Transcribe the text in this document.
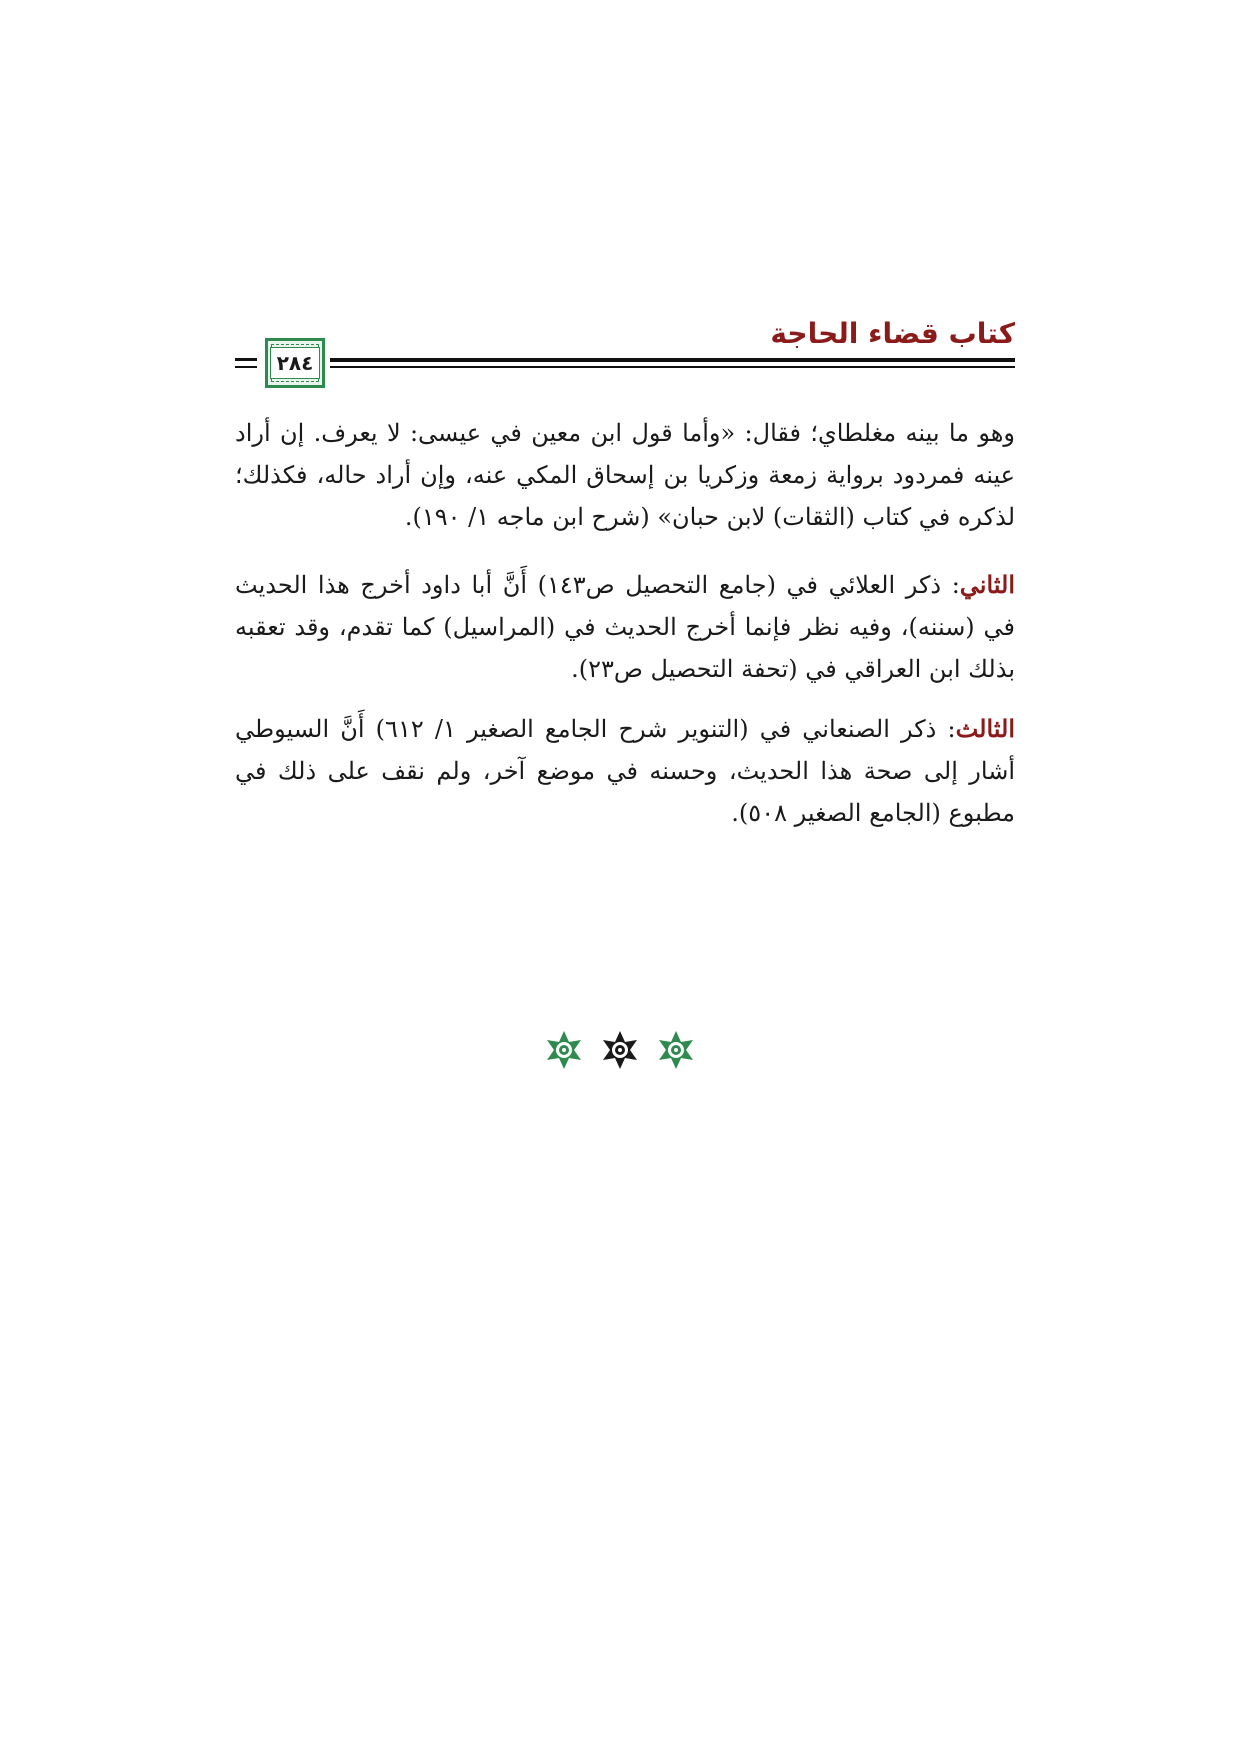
كتاب قضاء الحاجة
٢٨٤

وهو ما بينه مغلطاي؛ فقال: «وأما قول ابن معين في عيسى: لا يعرف. إن أراد عينه فمردود برواية زمعة وزكريا بن إسحاق المكي عنه، وإن أراد حاله، فكذلك؛ لذكره في كتاب (الثقات) لابن حبان» (شرح ابن ماجه ١/ ١٩٠).

الثاني: ذكر العلائي في (جامع التحصيل ص١٤٣) أَنَّ أبا داود أخرج هذا الحديث في (سننه)، وفيه نظر فإنما أخرج الحديث في (المراسيل) كما تقدم، وقد تعقبه بذلك ابن العراقي في (تحفة التحصيل ص٢٣).

الثالث: ذكر الصنعاني في (التنوير شرح الجامع الصغير ١/ ٦١٢) أَنَّ السيوطي أشار إلى صحة هذا الحديث، وحسنه في موضع آخر، ولم نقف على ذلك في مطبوع (الجامع الصغير ٥٠٨).
